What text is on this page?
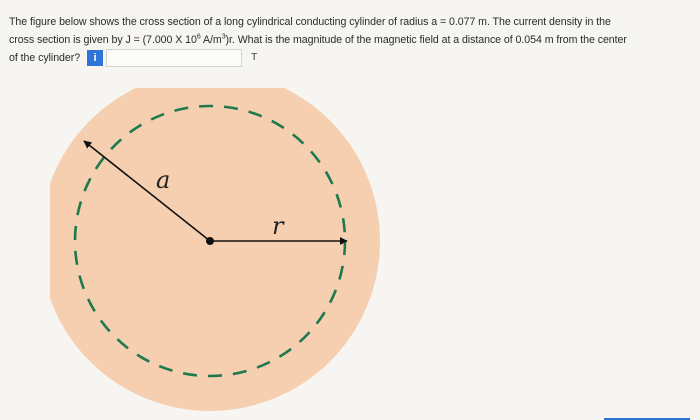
The figure below shows the cross section of a long cylindrical conducting cylinder of radius a = 0.077 m. The current density in the
cross section is given by J = (7.000 X $10^6$ $A/m^3)r$. What is the magnitude of the magnetic field at a distance of 0.054 m from the center
of the cylinder? i	T
a
r
